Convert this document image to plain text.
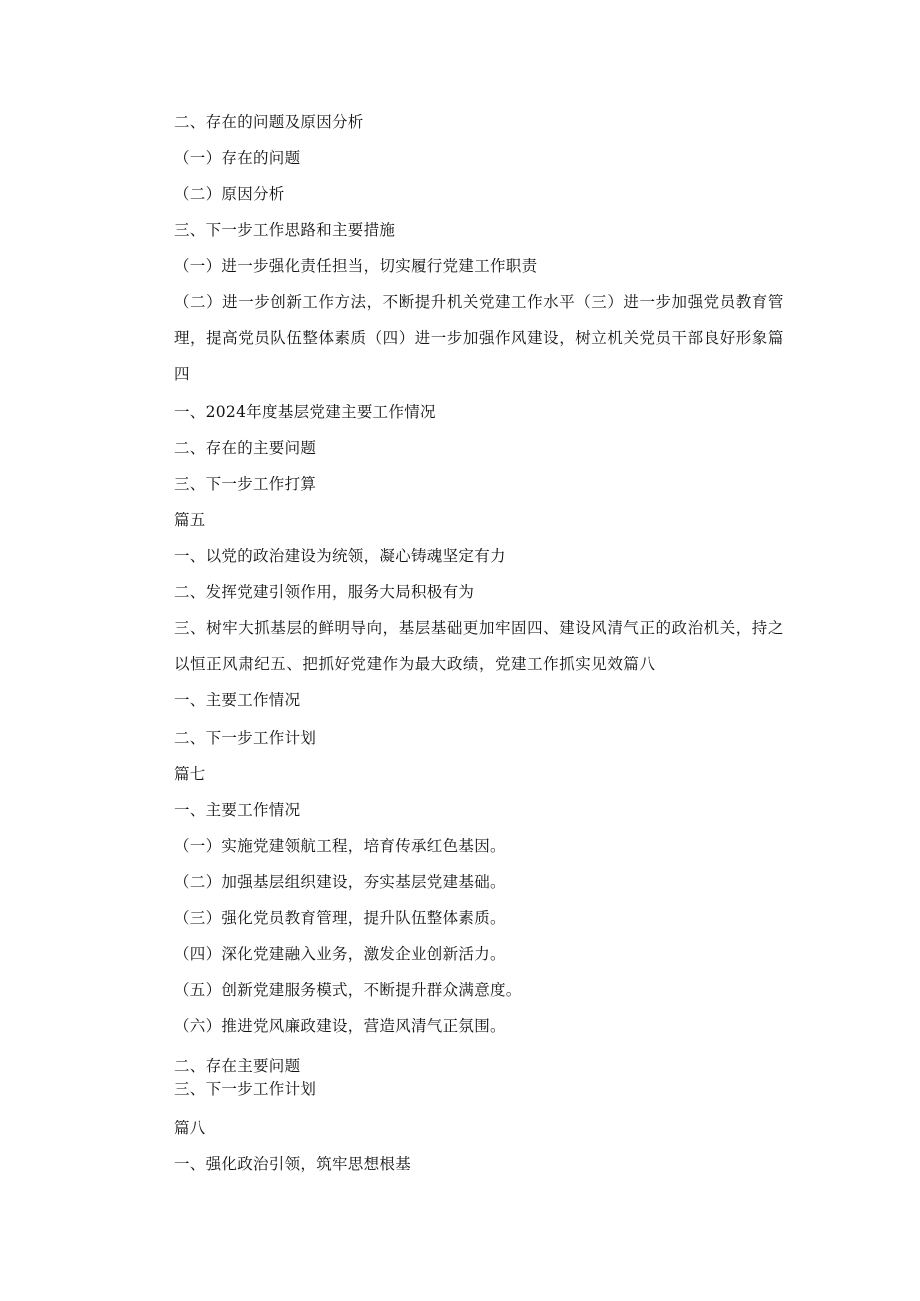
二、存在的问题及原因分析
（一）存在的问题
（二）原因分析
三、下一步工作思路和主要措施
（一）进一步强化责任担当，切实履行党建工作职责
（二）进一步创新工作方法，不断提升机关党建工作水平（三）进一步加强党员教育管理，提高党员队伍整体素质（四）进一步加强作风建设，树立机关党员干部良好形象篇四
一、2024年度基层党建主要工作情况
二、存在的主要问题
三、下一步工作打算
篇五
一、以党的政治建设为统领，凝心铸魂坚定有力
二、发挥党建引领作用，服务大局积极有为
三、树牢大抓基层的鲜明导向，基层基础更加牢固四、建设风清气正的政治机关，持之以恒正风肃纪五、把抓好党建作为最大政绩，党建工作抓实见效篇八
一、主要工作情况
二、下一步工作计划
篇七
一、主要工作情况
（一）实施党建领航工程，培育传承红色基因。
（二）加强基层组织建设，夯实基层党建基础。
（三）强化党员教育管理，提升队伍整体素质。
（四）深化党建融入业务，激发企业创新活力。
（五）创新党建服务模式，不断提升群众满意度。
（六）推进党风廉政建设，营造风清气正氛围。
二、存在主要问题
三、下一步工作计划
篇八
一、强化政治引领，筑牢思想根基
